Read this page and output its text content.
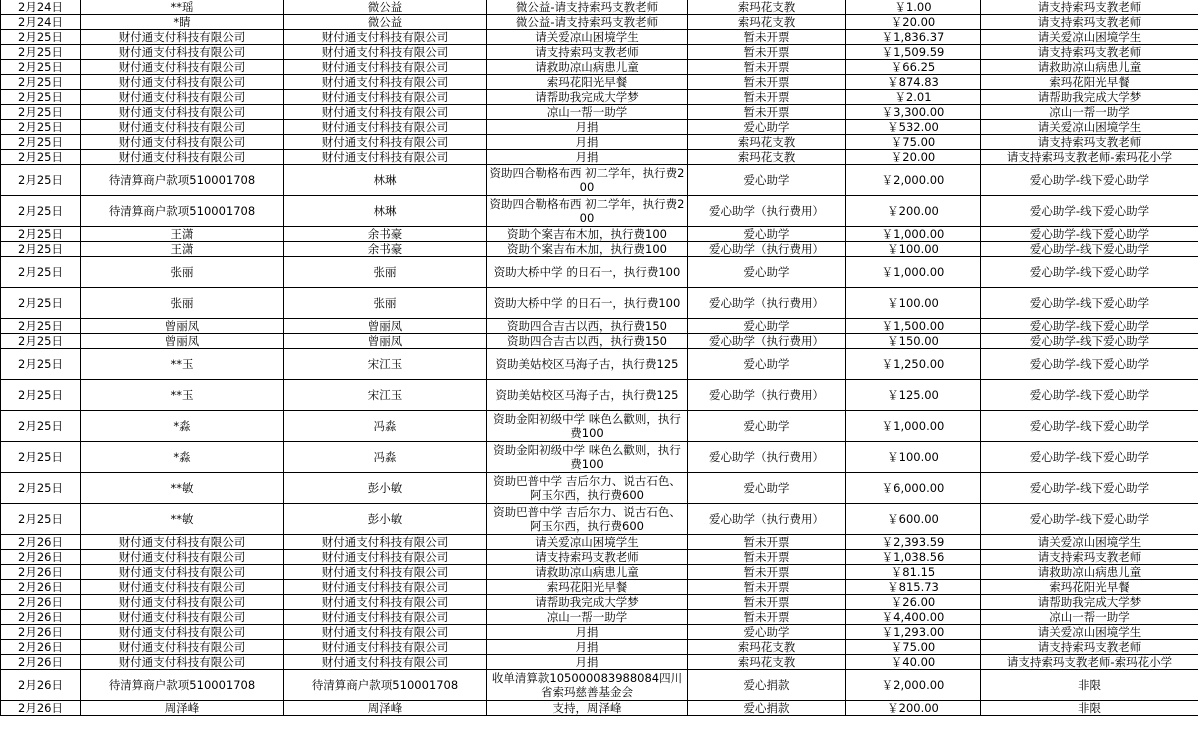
2月24日	**瑶	微公益	微公益-请支持索玛支教老师	索玛花支教	￥1.00	请支持索玛支教老师
2月24日	*睛	微公益	微公益-请支持索玛支教老师	索玛花支教	￥20.00	请支持索玛支教老师
2月25日	财付通支付科技有限公司	财付通支付科技有限公司	请关爱凉山困境学生	暂未开票	￥1,836.37	请关爱凉山困境学生
2月25日	财付通支付科技有限公司	财付通支付科技有限公司	请支持索玛支教老师	暂未开票	￥1,509.59	请支持索玛支教老师
2月25日	财付通支付科技有限公司	财付通支付科技有限公司	请救助凉山病患儿童	暂未开票	￥66.25	请救助凉山病患儿童
2月25日	财付通支付科技有限公司	财付通支付科技有限公司	索玛花阳光早餐	暂未开票	￥874.83	索玛花阳光早餐
2月25日	财付通支付科技有限公司	财付通支付科技有限公司	请帮助我完成大学梦	暂未开票	￥2.01	请帮助我完成大学梦
2月25日	财付通支付科技有限公司	财付通支付科技有限公司	凉山一帮一助学	暂未开票	￥3,300.00	凉山一帮一助学
2月25日	财付通支付科技有限公司	财付通支付科技有限公司	月捐	爱心助学	￥532.00	请关爱凉山困境学生
2月25日	财付通支付科技有限公司	财付通支付科技有限公司	月捐	索玛花支教	￥75.00	请支持索玛支教老师
2月25日	财付通支付科技有限公司	财付通支付科技有限公司	月捐	索玛花支教	￥20.00	请支持索玛支教老师-索玛花小学
2月25日	待清算商户款项510001708	林琳	资助四合勒格布西 初二学年，执行费200	爱心助学	￥2,000.00	爱心助学-线下爱心助学
2月25日	待清算商户款项510001708	林琳	资助四合勒格布西 初二学年，执行费200	爱心助学（执行费用）	￥200.00	爱心助学-线下爱心助学
2月25日	王潇	余书豪	资助个案吉布木加，执行费100	爱心助学	￥1,000.00	爱心助学-线下爱心助学
2月25日	王潇	余书豪	资助个案吉布木加，执行费100	爱心助学（执行费用）	￥100.00	爱心助学-线下爱心助学
2月25日	张丽	张丽	资助大桥中学 的日石一，执行费100	爱心助学	￥1,000.00	爱心助学-线下爱心助学
2月25日	张丽	张丽	资助大桥中学 的日石一，执行费100	爱心助学（执行费用）	￥100.00	爱心助学-线下爱心助学
2月25日	曾丽凤	曾丽凤	资助四合吉古以西，执行费150	爱心助学	￥1,500.00	爱心助学-线下爱心助学
2月25日	曾丽凤	曾丽凤	资助四合吉古以西，执行费150	爱心助学（执行费用）	￥150.00	爱心助学-线下爱心助学
2月25日	**玉	宋江玉	资助美姑校区马海子古，执行费125	爱心助学	￥1,250.00	爱心助学-线下爱心助学
2月25日	**玉	宋江玉	资助美姑校区马海子古，执行费125	爱心助学（执行费用）	￥125.00	爱心助学-线下爱心助学
2月25日	*淼	冯淼	资助金阳初级中学 咪色么歡则，执行费100	爱心助学	￥1,000.00	爱心助学-线下爱心助学
2月25日	*淼	冯淼	资助金阳初级中学 咪色么歡则，执行费100	爱心助学（执行费用）	￥100.00	爱心助学-线下爱心助学
2月25日	**敏	彭小敏	资助巴普中学 吉后尔力、说古石色、阿玉尔西，执行费600	爱心助学	￥6,000.00	爱心助学-线下爱心助学
2月25日	**敏	彭小敏	资助巴普中学 吉后尔力、说古石色、阿玉尔西，执行费600	爱心助学（执行费用）	￥600.00	爱心助学-线下爱心助学
2月26日	财付通支付科技有限公司	财付通支付科技有限公司	请关爱凉山困境学生	暂未开票	￥2,393.59	请关爱凉山困境学生
2月26日	财付通支付科技有限公司	财付通支付科技有限公司	请支持索玛支教老师	暂未开票	￥1,038.56	请支持索玛支教老师
2月26日	财付通支付科技有限公司	财付通支付科技有限公司	请救助凉山病患儿童	暂未开票	￥81.15	请救助凉山病患儿童
2月26日	财付通支付科技有限公司	财付通支付科技有限公司	索玛花阳光早餐	暂未开票	￥815.73	索玛花阳光早餐
2月26日	财付通支付科技有限公司	财付通支付科技有限公司	请帮助我完成大学梦	暂未开票	￥26.00	请帮助我完成大学梦
2月26日	财付通支付科技有限公司	财付通支付科技有限公司	凉山一帮一助学	暂未开票	￥4,400.00	凉山一帮一助学
2月26日	财付通支付科技有限公司	财付通支付科技有限公司	月捐	爱心助学	￥1,293.00	请关爱凉山困境学生
2月26日	财付通支付科技有限公司	财付通支付科技有限公司	月捐	索玛花支教	￥75.00	请支持索玛支教老师
2月26日	财付通支付科技有限公司	财付通支付科技有限公司	月捐	索玛花支教	￥40.00	请支持索玛支教老师-索玛花小学
2月26日	待清算商户款项510001708	待清算商户款项510001708	收单清算款105000083988084四川省索玛慈善基金会	爱心捐款	￥2,000.00	非限
2月26日	周泽峰	周泽峰	支持，周泽峰	爱心捐款	￥200.00	非限
